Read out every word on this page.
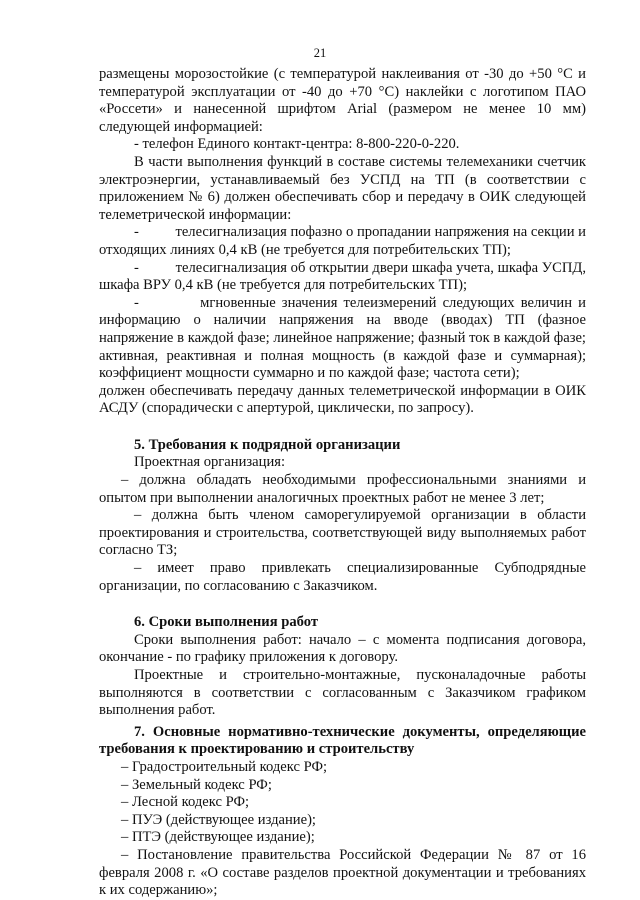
21

размещены морозостойкие (с температурой наклеивания от -30 до +50 °С и температурой эксплуатации от -40 до +70 °С) наклейки с логотипом ПАО «Россети» и нанесенной шрифтом Arial (размером не менее 10 мм) следующей информацией:

- телефон Единого контакт-центра: 8-800-220-0-220.

В части выполнения функций в составе системы телемеханики счетчик электроэнергии, устанавливаемый без УСПД на ТП (в соответствии с приложением № 6) должен обеспечивать сбор и передачу в ОИК следующей телеметрической информации:

-          телесигнализация пофазно о пропадании напряжения на секции и отходящих линиях 0,4 кВ (не требуется для потребительских ТП);

-          телесигнализация об открытии двери шкафа учета, шкафа УСПД, шкафа ВРУ 0,4 кВ (не требуется для потребительских ТП);

-          мгновенные значения телеизмерений следующих величин и информацию о наличии напряжения на вводе (вводах) ТП (фазное напряжение в каждой фазе; линейное напряжение; фазный ток в каждой фазе; активная, реактивная и полная мощность (в каждой фазе и суммарная); коэффициент мощности суммарно и по каждой фазе; частота сети);

должен обеспечивать передачу данных телеметрической информации в ОИК АСДУ (спорадически с апертурой, циклически, по запросу).

5. Требования к подрядной организации

Проектная организация:

– должна обладать необходимыми профессиональными знаниями и опытом при выполнении аналогичных проектных работ не менее 3 лет;

– должна быть членом саморегулируемой организации в области проектирования и строительства, соответствующей виду выполняемых работ согласно ТЗ;

– имеет право привлекать специализированные Субподрядные организации, по согласованию с Заказчиком.

6. Сроки выполнения работ

Сроки выполнения работ: начало – с момента подписания договора, окончание - по графику приложения к договору.

Проектные и строительно-монтажные, пусконаладочные работы выполняются в соответствии с согласованным с Заказчиком графиком выполнения работ.

7. Основные нормативно-технические документы, определяющие требования к проектированию и строительству

– Градостроительный кодекс РФ;

– Земельный кодекс РФ;

– Лесной кодекс РФ;

– ПУЭ (действующее издание);

– ПТЭ (действующее издание);

– Постановление правительства Российской Федерации № 87 от 16 февраля 2008 г. «О составе разделов проектной документации и требованиях к их содержанию»;
